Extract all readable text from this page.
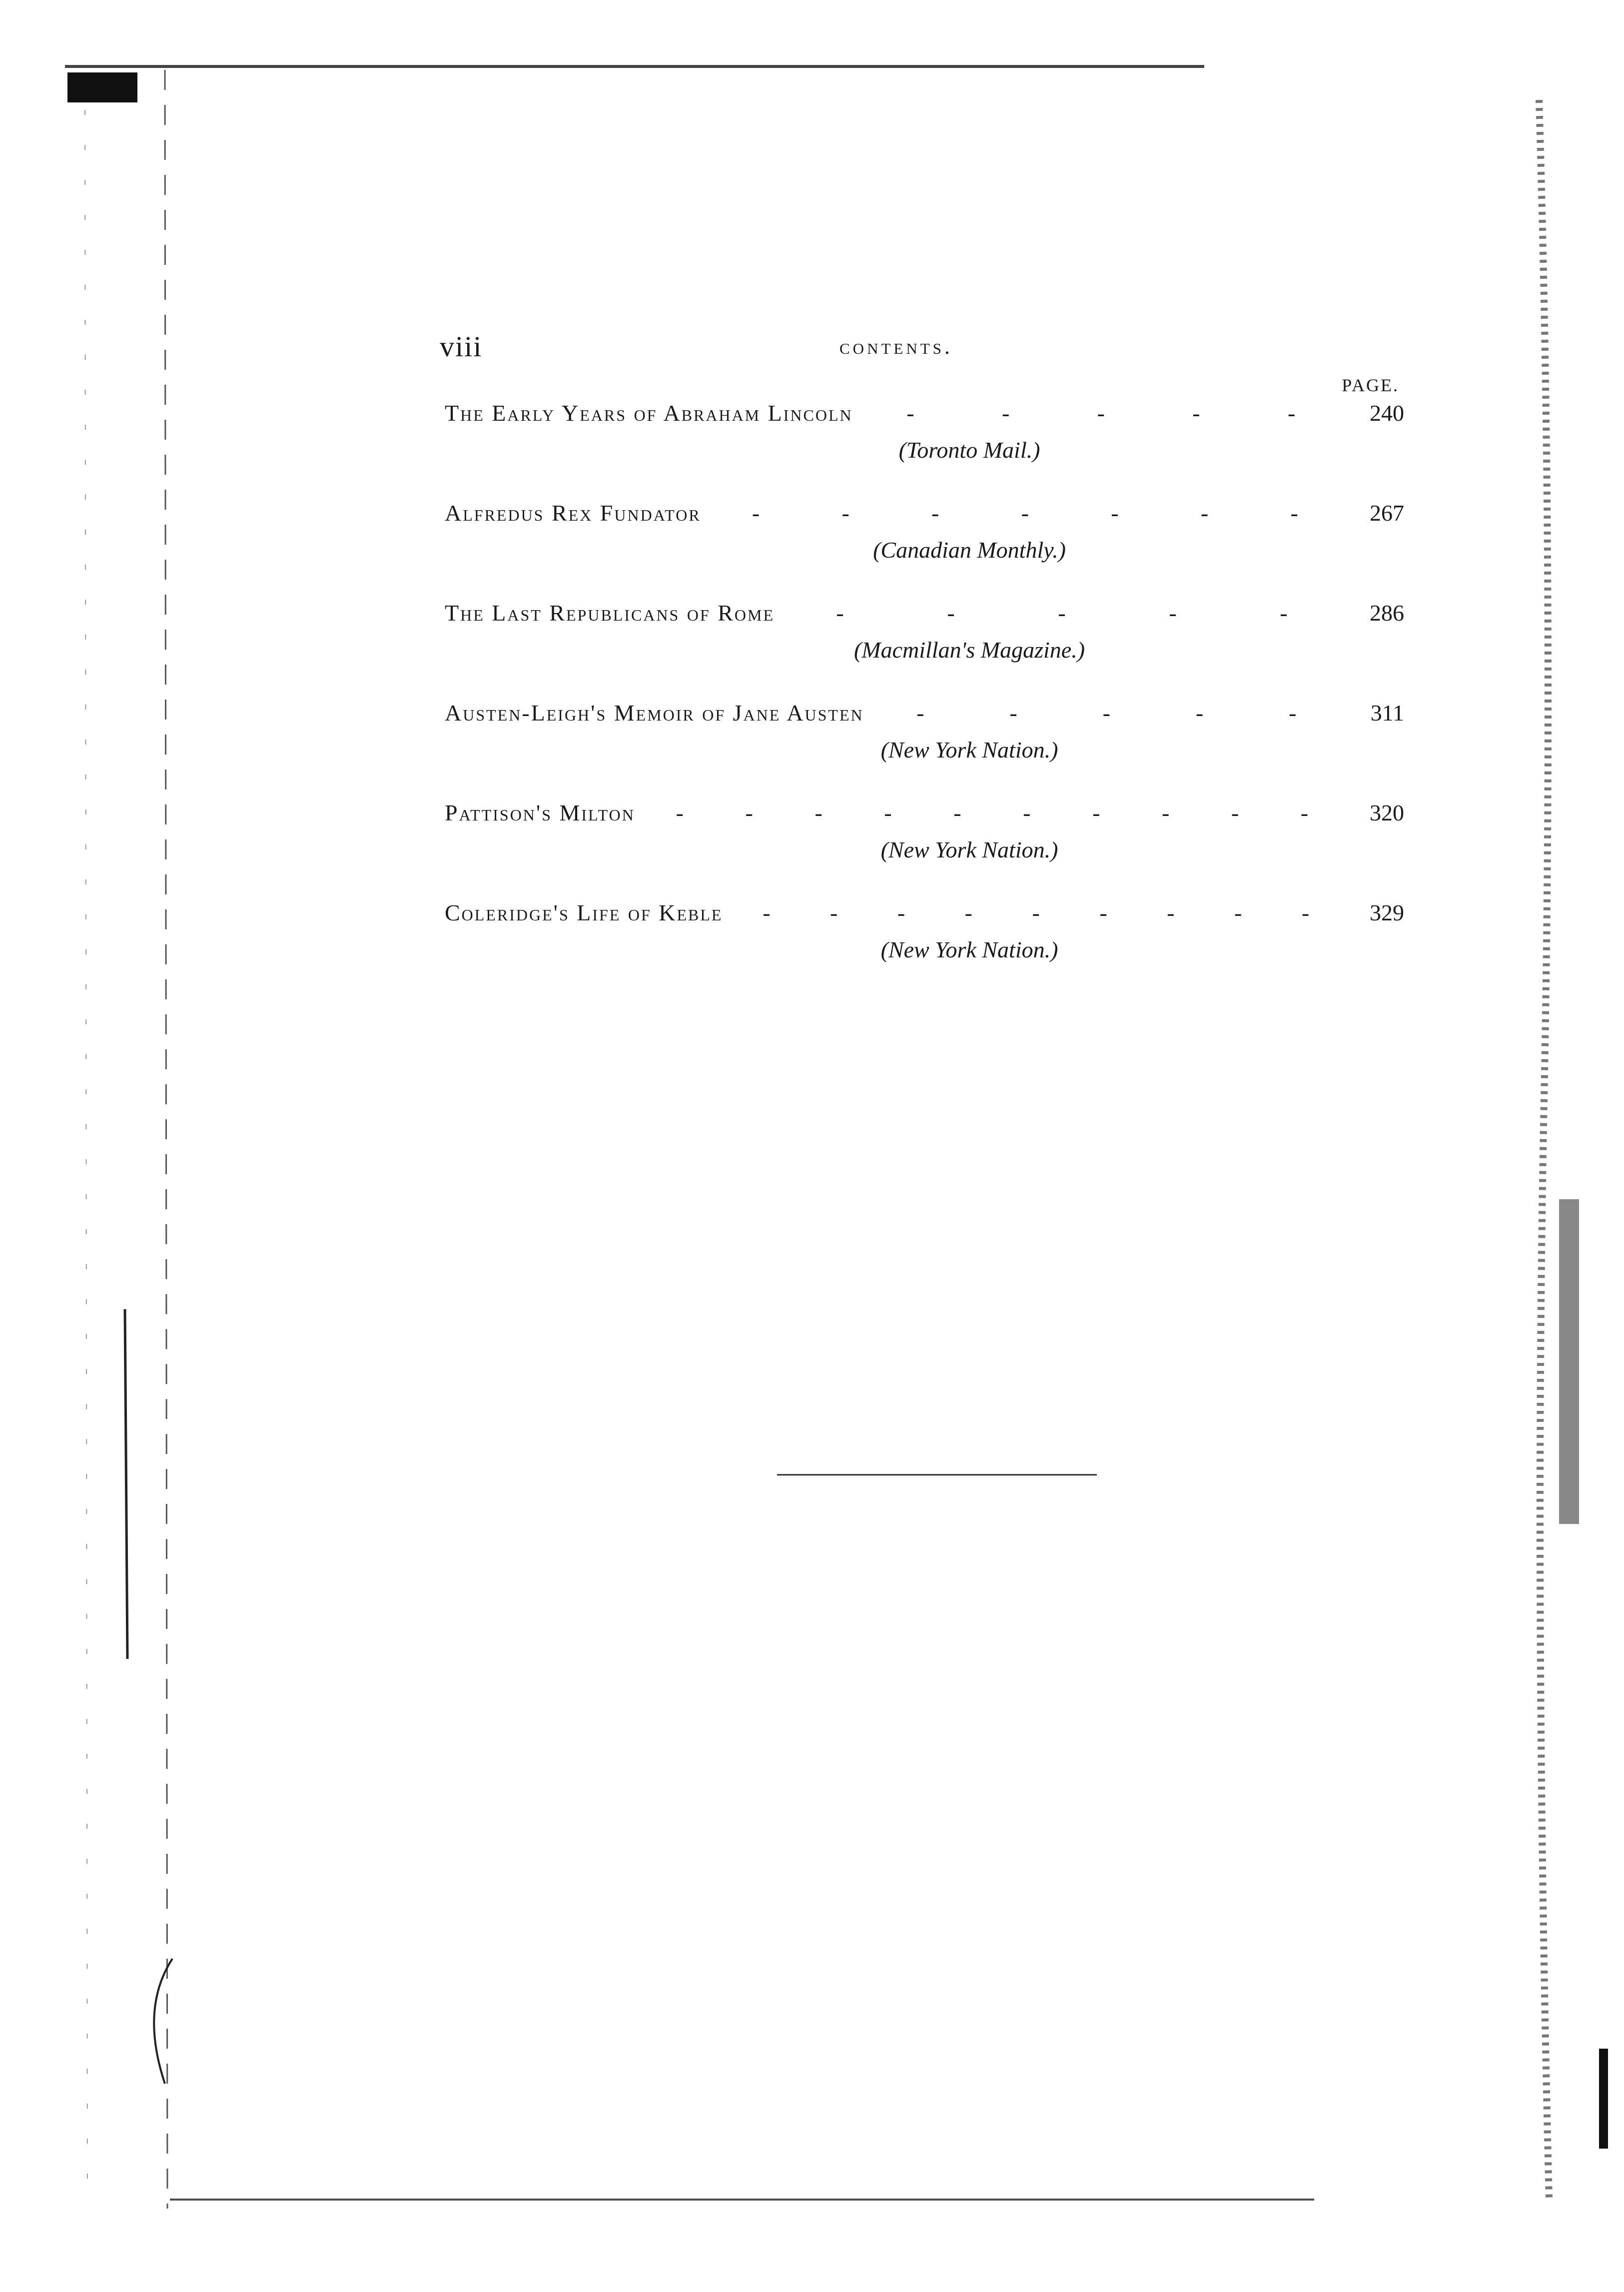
viii	contents.
PAGE.
The Early Years of Abraham Lincoln -	-	-	-	-	240
(Toronto Mail.)
Alfredus Rex Fundator -	-	-	-	-	-	-	267
(Canadian Monthly.)
The Last Republicans of Rome	-	-	-	-	-	286
(Macmillan's Magazine.)
Austen-Leigh's Memoir of Jane Austen -	-	-	-	-	311
(New York Nation.)
Pattison's Milton -	-	-	-	-	-	-	-	-	-	320
(New York Nation.)
Coleridge's Life of Keble -	-	-	-	-	-	-	-	-	329
(New York Nation.)
